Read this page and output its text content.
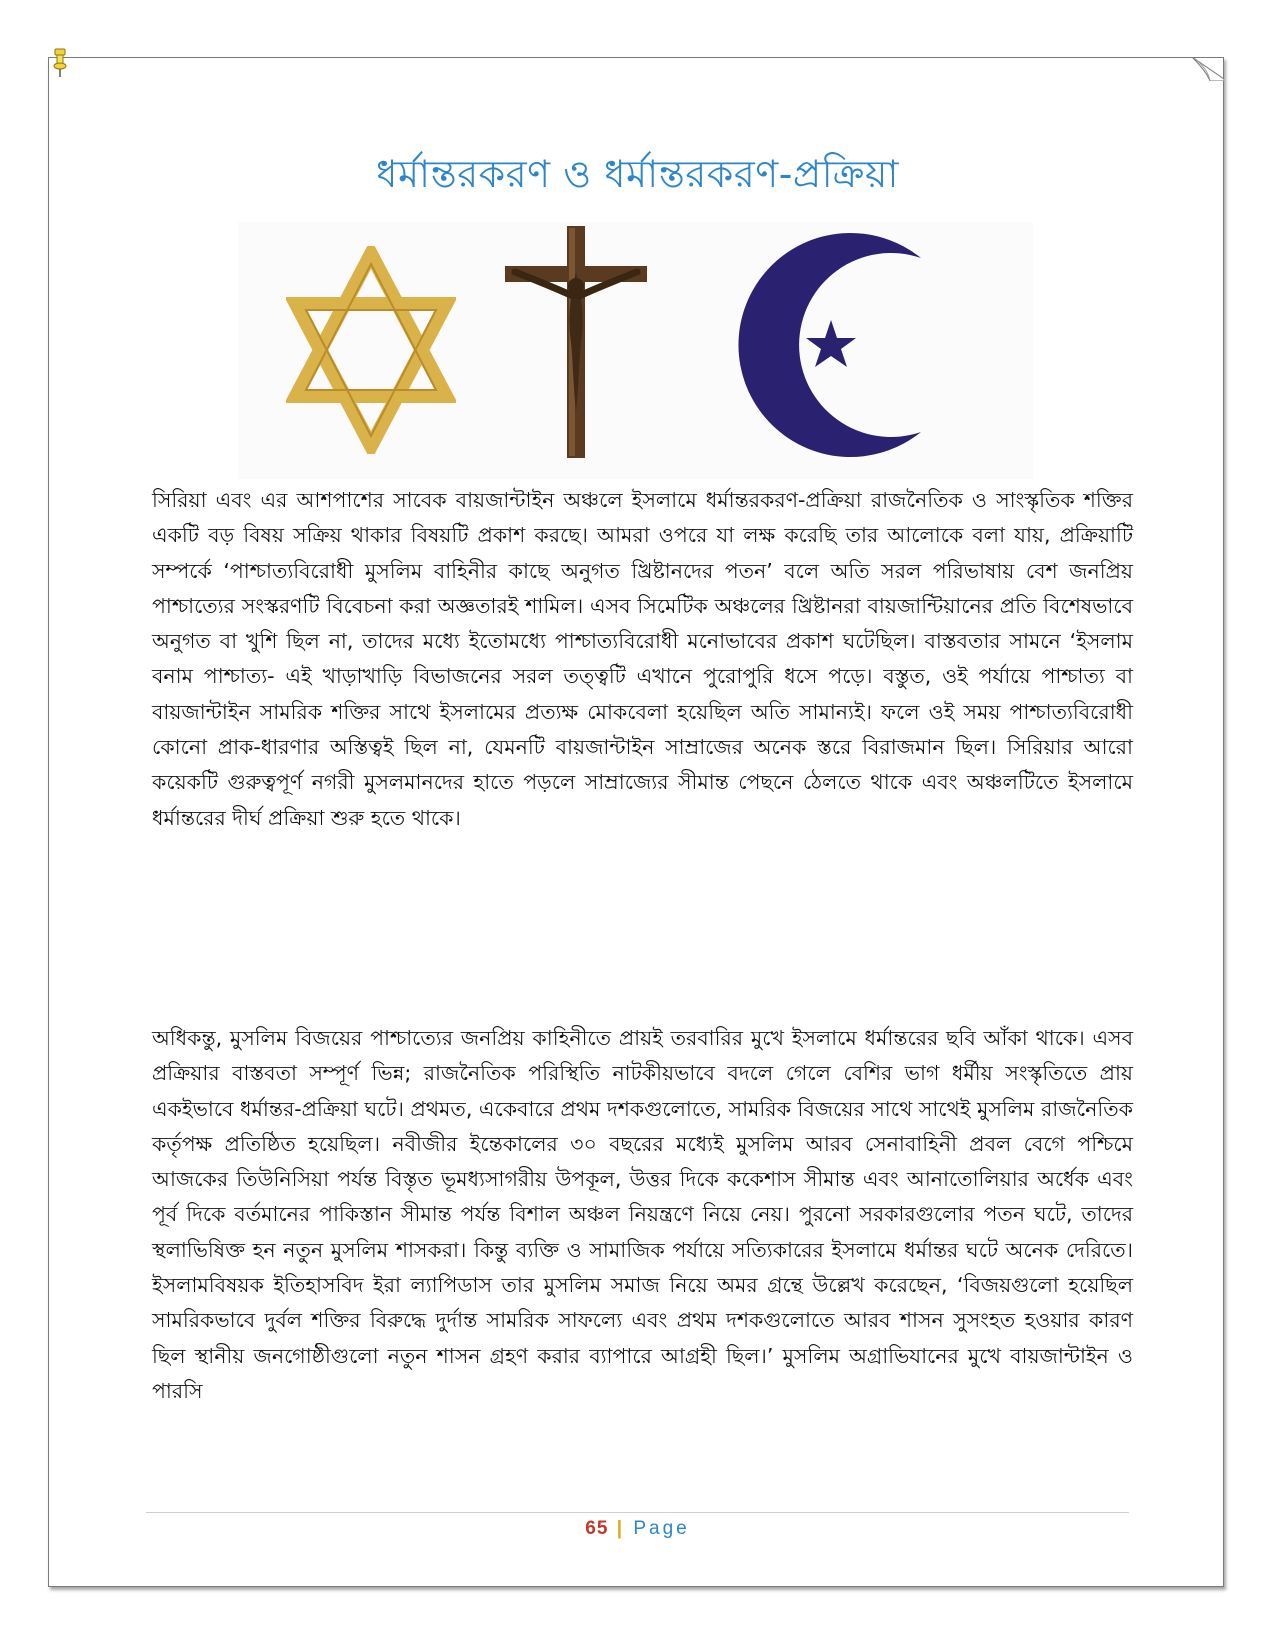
ধর্মান্তরকরণ ও ধর্মান্তরকরণ-প্রক্রিয়া

সিরিয়া এবং এর আশপাশের সাবেক বায়জান্টাইন অঞ্চলে ইসলামে ধর্মান্তরকরণ-প্রক্রিয়া রাজনৈতিক ও সাংস্কৃতিক শক্তির একটি বড় বিষয় সক্রিয় থাকার বিষয়টি প্রকাশ করছে। আমরা ওপরে যা লক্ষ করেছি তার আলোকে বলা যায়, প্রক্রিয়াটি সম্পর্কে ‘পাশ্চাত্যবিরোধী মুসলিম বাহিনীর কাছে অনুগত খ্রিষ্টানদের পতন’ বলে অতি সরল পরিভাষায় বেশ জনপ্রিয় পাশ্চাত্যের সংস্করণটি বিবেচনা করা অজ্ঞতারই শামিল। এসব সিমেটিক অঞ্চলের খ্রিষ্টানরা বায়জান্টিয়ানের প্রতি বিশেষভাবে অনুগত বা খুশি ছিল না, তাদের মধ্যে ইতোমধ্যে পাশ্চাত্যবিরোধী মনোভাবের প্রকাশ ঘটেছিল। বাস্তবতার সামনে ‘ইসলাম বনাম পাশ্চাত্য- এই খাড়াখাড়ি বিভাজনের সরল তত্ত্বটি এখানে পুরোপুরি ধসে পড়ে। বস্তুত, ওই পর্যায়ে পাশ্চাত্য বা বায়জান্টাইন সামরিক শক্তির সাথে ইসলামের প্রত্যক্ষ মোকবেলা হয়েছিল অতি সামান্যই। ফলে ওই সময় পাশ্চাত্যবিরোধী কোনো প্রাক-ধারণার অস্তিত্বই ছিল না, যেমনটি বায়জান্টাইন সাম্রাজের অনেক স্তরে বিরাজমান ছিল। সিরিয়ার আরো কয়েকটি গুরুত্বপূর্ণ নগরী মুসলমানদের হাতে পড়লে সাম্রাজ্যের সীমান্ত পেছনে ঠেলতে থাকে এবং অঞ্চলটিতে ইসলামে ধর্মান্তরের দীর্ঘ প্রক্রিয়া শুরু হতে থাকে।

অধিকন্তু, মুসলিম বিজয়ের পাশ্চাত্যের জনপ্রিয় কাহিনীতে প্রায়ই তরবারির মুখে ইসলামে ধর্মান্তরের ছবি আঁকা থাকে। এসব প্রক্রিয়ার বাস্তবতা সম্পূর্ণ ভিন্ন; রাজনৈতিক পরিস্থিতি নাটকীয়ভাবে বদলে গেলে বেশির ভাগ ধর্মীয় সংস্কৃতিতে প্রায় একইভাবে ধর্মান্তর-প্রক্রিয়া ঘটে। প্রথমত, একেবারে প্রথম দশকগুলোতে, সামরিক বিজয়ের সাথে সাথেই মুসলিম রাজনৈতিক কর্তৃপক্ষ প্রতিষ্ঠিত হয়েছিল। নবীজীর ইন্তেকালের ৩০ বছরের মধ্যেই মুসলিম আরব সেনাবাহিনী প্রবল বেগে পশ্চিমে আজকের তিউনিসিয়া পর্যন্ত বিস্তৃত ভূমধ্যসাগরীয় উপকূল, উত্তর দিকে ককেশাস সীমান্ত এবং আনাতোলিয়ার অর্ধেক এবং পূর্ব দিকে বর্তমানের পাকিস্তান সীমান্ত পর্যন্ত বিশাল অঞ্চল নিয়ন্ত্রণে নিয়ে নেয়। পুরনো সরকারগুলোর পতন ঘটে, তাদের স্থলাভিষিক্ত হন নতুন মুসলিম শাসকরা। কিন্তু ব্যক্তি ও সামাজিক পর্যায়ে সত্যিকারের ইসলামে ধর্মান্তর ঘটে অনেক দেরিতে। ইসলামবিষয়ক ইতিহাসবিদ ইরা ল্যাপিডাস তার মুসলিম সমাজ নিয়ে অমর গ্রন্থে উল্লেখ করেছেন, ‘বিজয়গুলো হয়েছিল সামরিকভাবে দুর্বল শক্তির বিরুদ্ধে দুর্দান্ত সামরিক সাফল্যে এবং প্রথম দশকগুলোতে আরব শাসন সুসংহত হওয়ার কারণ ছিল স্থানীয় জনগোষ্ঠীগুলো নতুন শাসন গ্রহণ করার ব্যাপারে আগ্রহী ছিল।’ মুসলিম অগ্রাভিযানের মুখে বায়জান্টাইন ও পারসি

65 | Page
